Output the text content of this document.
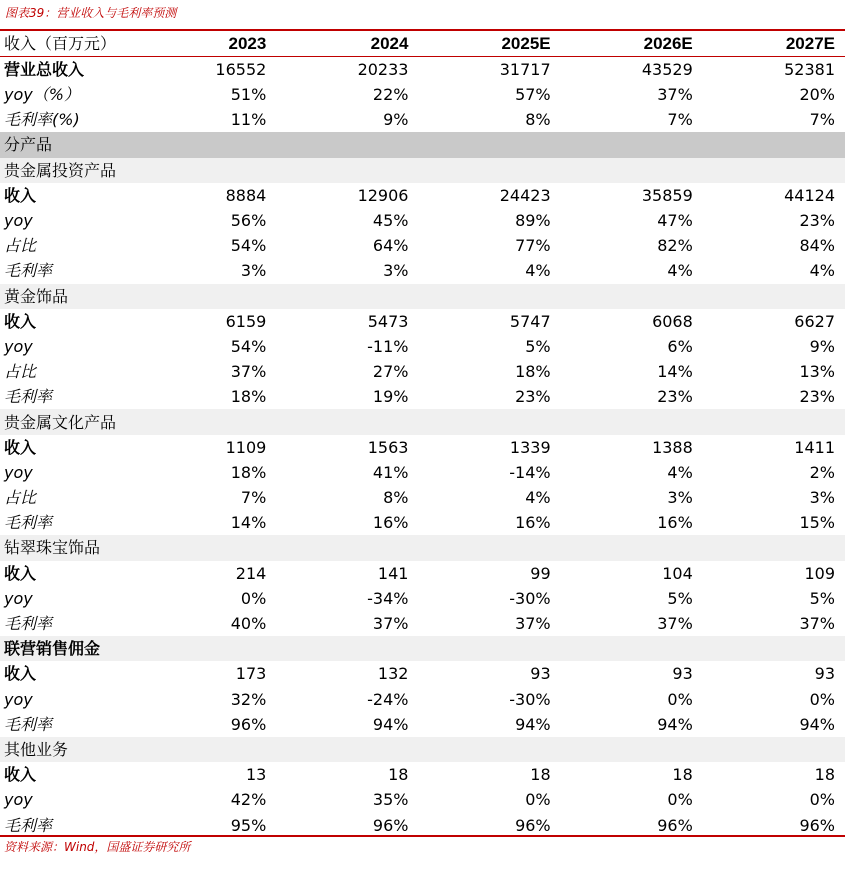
图表39：营业收入与毛利率预测
收入（百万元）	2023	2024	2025E	2026E	2027E
营业总收入	16552	20233	31717	43529	52381
yoy（%）	51%	22%	57%	37%	20%
毛利率(%)	11%	9%	8%	7%	7%
分产品					
贵金属投资产品					
收入	8884	12906	24423	35859	44124
yoy	56%	45%	89%	47%	23%
占比	54%	64%	77%	82%	84%
毛利率	3%	3%	4%	4%	4%
黄金饰品					
收入	6159	5473	5747	6068	6627
yoy	54%	-11%	5%	6%	9%
占比	37%	27%	18%	14%	13%
毛利率	18%	19%	23%	23%	23%
贵金属文化产品					
收入	1109	1563	1339	1388	1411
yoy	18%	41%	-14%	4%	2%
占比	7%	8%	4%	3%	3%
毛利率	14%	16%	16%	16%	15%
钻翠珠宝饰品					
收入	214	141	99	104	109
yoy	0%	-34%	-30%	5%	5%
毛利率	40%	37%	37%	37%	37%
联营销售佣金					
收入	173	132	93	93	93
yoy	32%	-24%	-30%	0%	0%
毛利率	96%	94%	94%	94%	94%
其他业务					
收入	13	18	18	18	18
yoy	42%	35%	0%	0%	0%
毛利率	95%	96%	96%	96%	96%
资料来源：Wind，国盛证券研究所
